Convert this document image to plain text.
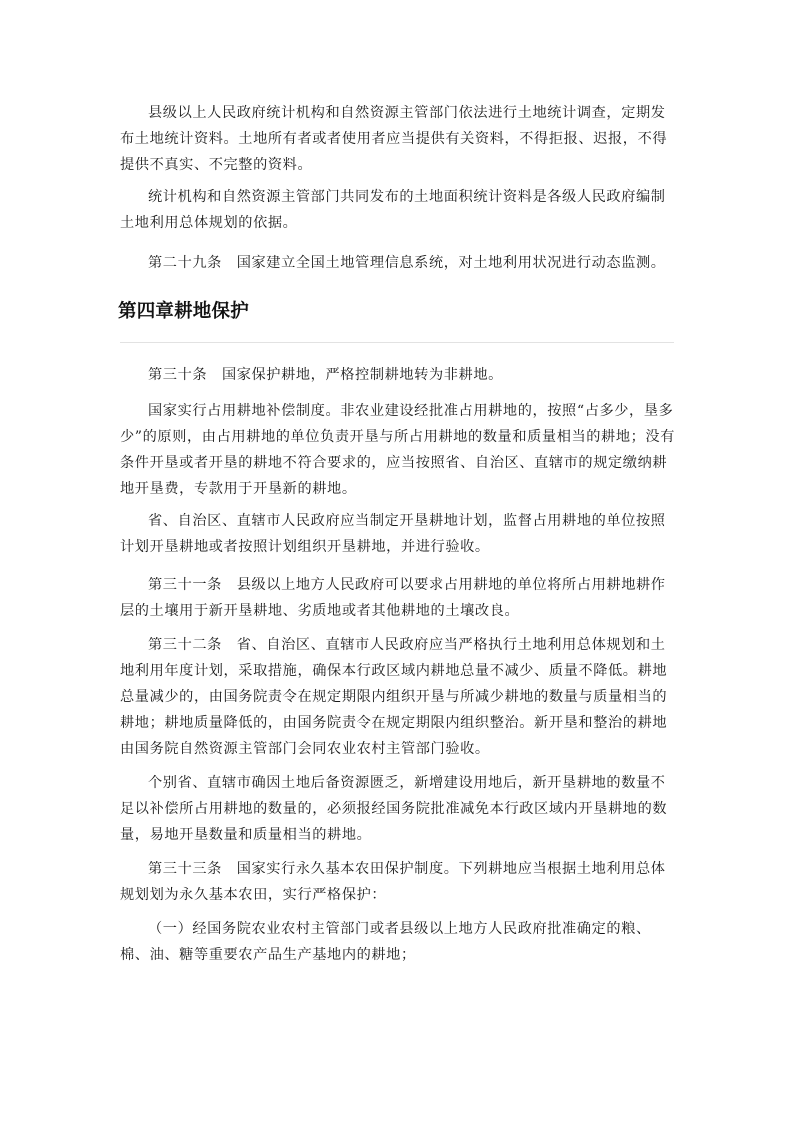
县级以上人民政府统计机构和自然资源主管部门依法进行土地统计调查，定期发布土地统计资料。土地所有者或者使用者应当提供有关资料，不得拒报、迟报，不得提供不真实、不完整的资料。

统计机构和自然资源主管部门共同发布的土地面积统计资料是各级人民政府编制土地利用总体规划的依据。

第二十九条　国家建立全国土地管理信息系统，对土地利用状况进行动态监测。

第四章耕地保护

第三十条　国家保护耕地，严格控制耕地转为非耕地。

国家实行占用耕地补偿制度。非农业建设经批准占用耕地的，按照“占多少，垦多少”的原则，由占用耕地的单位负责开垦与所占用耕地的数量和质量相当的耕地；没有条件开垦或者开垦的耕地不符合要求的，应当按照省、自治区、直辖市的规定缴纳耕地开垦费，专款用于开垦新的耕地。

省、自治区、直辖市人民政府应当制定开垦耕地计划，监督占用耕地的单位按照计划开垦耕地或者按照计划组织开垦耕地，并进行验收。

第三十一条　县级以上地方人民政府可以要求占用耕地的单位将所占用耕地耕作层的土壤用于新开垦耕地、劣质地或者其他耕地的土壤改良。

第三十二条　省、自治区、直辖市人民政府应当严格执行土地利用总体规划和土地利用年度计划，采取措施，确保本行政区域内耕地总量不减少、质量不降低。耕地总量减少的，由国务院责令在规定期限内组织开垦与所减少耕地的数量与质量相当的耕地；耕地质量降低的，由国务院责令在规定期限内组织整治。新开垦和整治的耕地由国务院自然资源主管部门会同农业农村主管部门验收。

个别省、直辖市确因土地后备资源匮乏，新增建设用地后，新开垦耕地的数量不足以补偿所占用耕地的数量的，必须报经国务院批准减免本行政区域内开垦耕地的数量，易地开垦数量和质量相当的耕地。

第三十三条　国家实行永久基本农田保护制度。下列耕地应当根据土地利用总体规划划为永久基本农田，实行严格保护：

（一）经国务院农业农村主管部门或者县级以上地方人民政府批准确定的粮、棉、油、糖等重要农产品生产基地内的耕地；
